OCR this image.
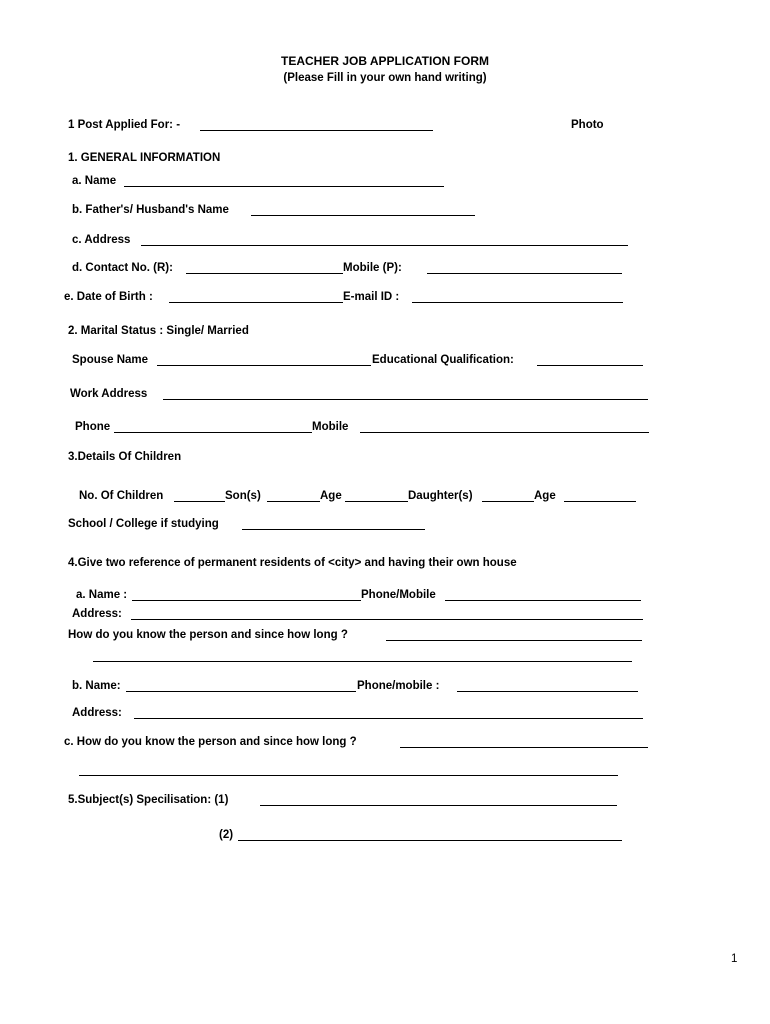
TEACHER JOB APPLICATION FORM
(Please Fill in your own hand writing)
1 Post Applied For: -	Photo
1. GENERAL INFORMATION
a. Name
b. Father's/ Husband's Name
c. Address
d. Contact No. (R):	Mobile (P):
e. Date of Birth :	E-mail ID :
2. Marital Status : Single/ Married
Spouse Name	Educational Qualification:
Work Address
Phone	Mobile
3.Details Of Children
No. Of Children	Son(s)	Age	Daughter(s)	Age
School / College if studying
4.Give two reference of permanent residents of <city> and having their own house
a. Name :	Phone/Mobile
Address:
How do you know the person and since how long ?
b. Name:	Phone/mobile :
Address:
c. How do you know the person and since how long ?
5.Subject(s) Specilisation: (1)
(2)
1
